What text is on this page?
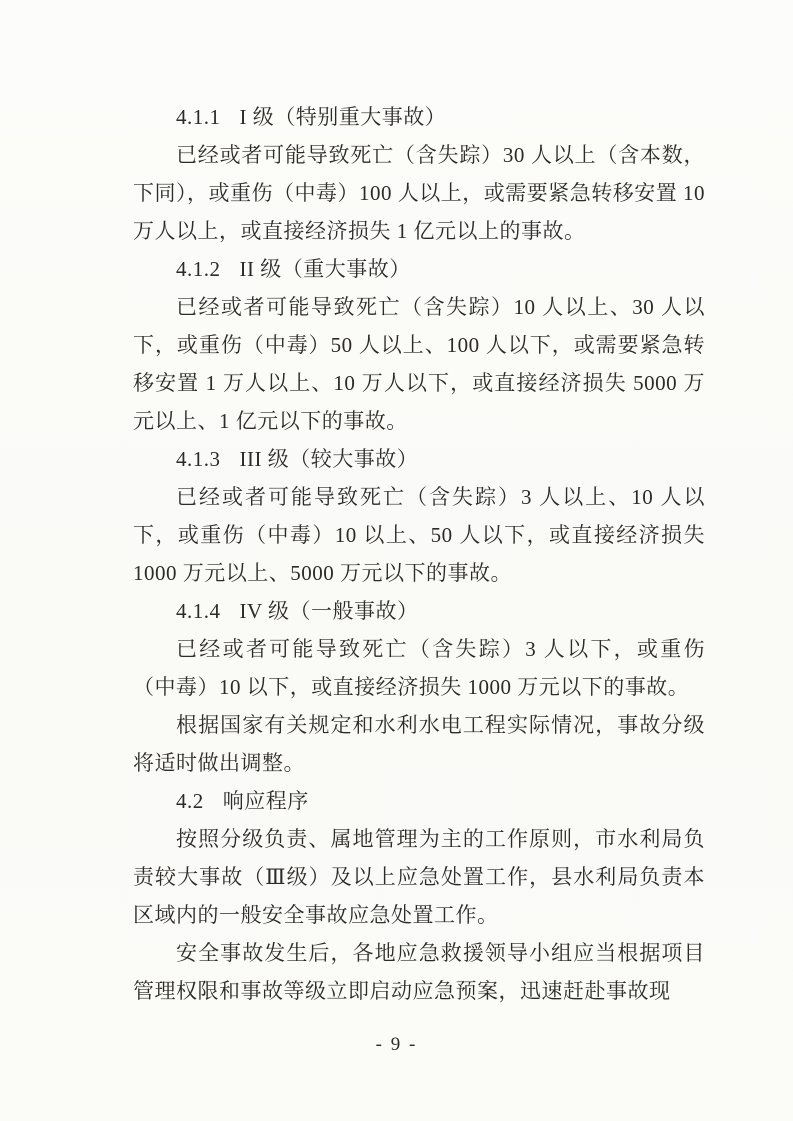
4.1.1 I 级（特别重大事故）

已经或者可能导致死亡（含失踪）30 人以上（含本数，下同），或重伤（中毒）100 人以上，或需要紧急转移安置 10 万人以上，或直接经济损失 1 亿元以上的事故。

4.1.2 II 级（重大事故）

已经或者可能导致死亡（含失踪）10 人以上、30 人以下，或重伤（中毒）50 人以上、100 人以下，或需要紧急转移安置 1 万人以上、10 万人以下，或直接经济损失 5000 万元以上、1 亿元以下的事故。

4.1.3 III 级（较大事故）

已经或者可能导致死亡（含失踪）3 人以上、10 人以下，或重伤（中毒）10 以上、50 人以下，或直接经济损失 1000 万元以上、5000 万元以下的事故。

4.1.4 IV 级（一般事故）

已经或者可能导致死亡（含失踪）3 人以下，或重伤（中毒）10 以下，或直接经济损失 1000 万元以下的事故。

根据国家有关规定和水利水电工程实际情况，事故分级将适时做出调整。

4.2 响应程序

按照分级负责、属地管理为主的工作原则，市水利局负责较大事故（Ⅲ级）及以上应急处置工作，县水利局负责本区域内的一般安全事故应急处置工作。

安全事故发生后，各地应急救援领导小组应当根据项目管理权限和事故等级立即启动应急预案，迅速赶赴事故现

- 9 -
